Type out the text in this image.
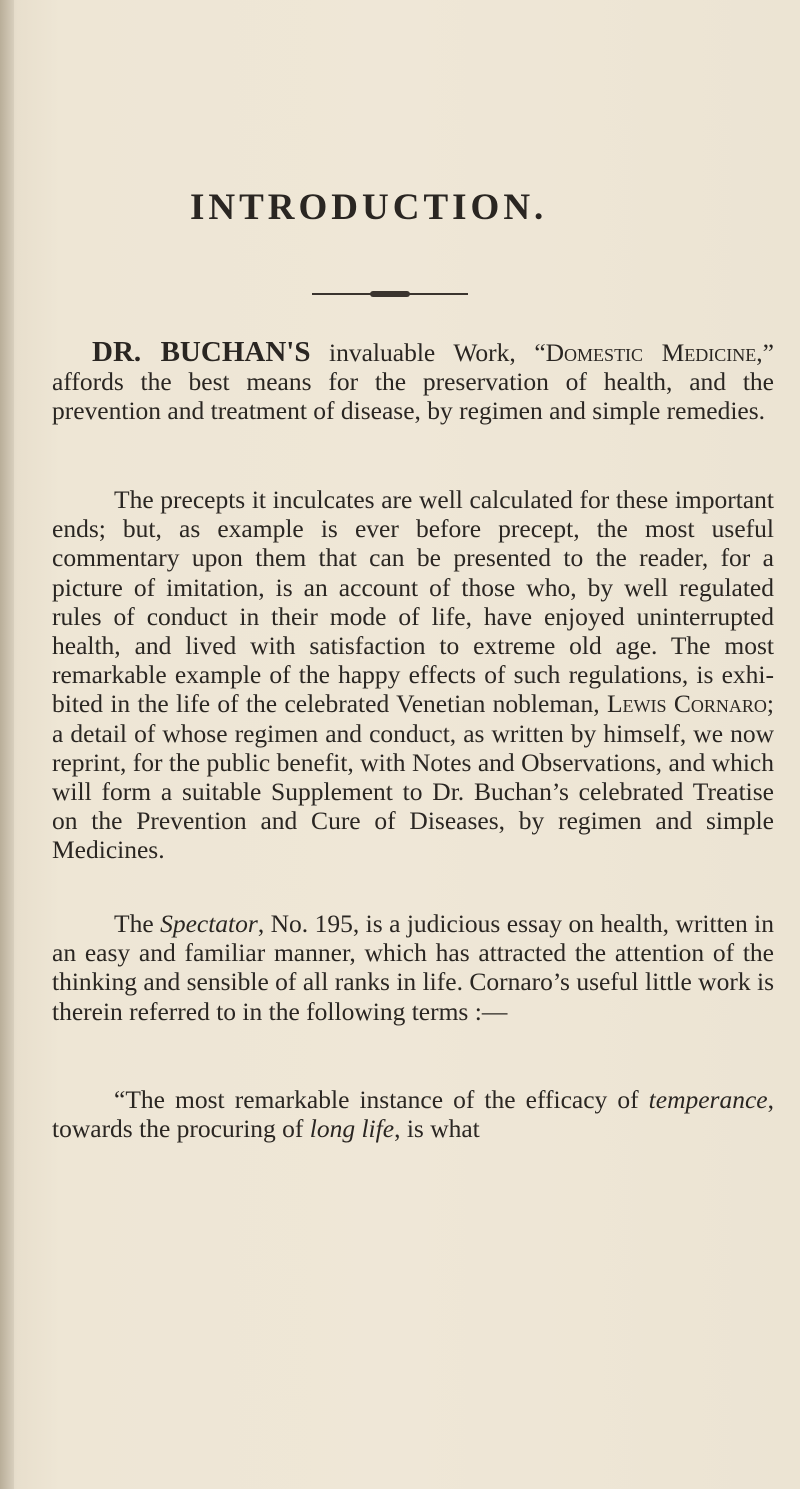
INTRODUCTION.

DR. BUCHAN'S invaluable Work, “Domestic Medicine,” affords the best means for the preservation of health, and the prevention and treatment of disease, by regimen and simple remedies.

The precepts it inculcates are well calculated for these important ends; but, as example is ever before precept, the most useful commentary upon them that can be presented to the reader, for a picture of imitation, is an account of those who, by well regulated rules of conduct in their mode of life, have enjoyed uninterrupted health, and lived with satisfaction to extreme old age. The most remarkable example of the happy effects of such regulations, is exhibited in the life of the celebrated Venetian nobleman, Lewis Cornaro; a detail of whose regimen and conduct, as written by himself, we now reprint, for the public benefit, with Notes and Observations, and which will form a suitable Supplement to Dr. Buchan’s celebrated Treatise on the Prevention and Cure of Diseases, by regimen and simple Medicines.

The Spectator, No. 195, is a judicious essay on health, written in an easy and familiar manner, which has attracted the attention of the thinking and sensible of all ranks in life. Cornaro’s useful little work is therein referred to in the following terms :—

“The most remarkable instance of the efficacy of temperance, towards the procuring of long life, is what
